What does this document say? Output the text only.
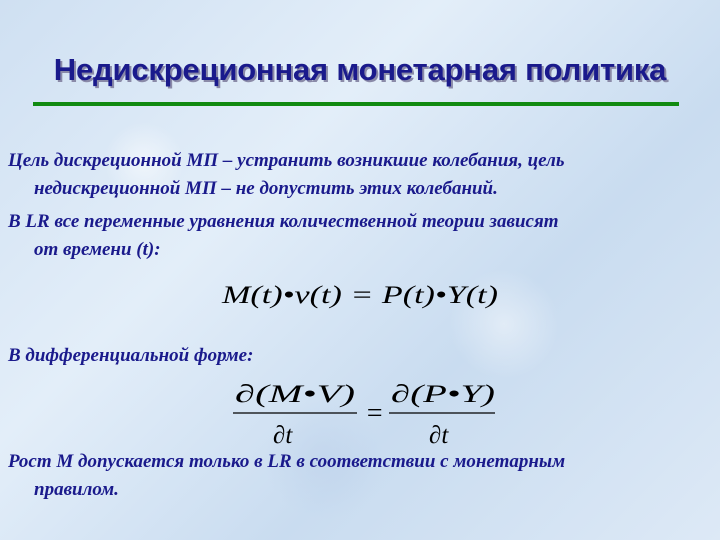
Недискреционная монетарная политика
Цель дискреционной МП – устранить возникшие колебания, цель
недискреционной МП – не допустить этих колебаний.
В LR все переменные уравнения количественной теории зависят
от времени (t):
M(t)•v(t) = P(t)•Y(t)
В дифференциальной форме:
∂(M•V)
∂t
=
∂(P•Y)
∂t
Рост М допускается только в LR в соответствии с монетарным
правилом.
